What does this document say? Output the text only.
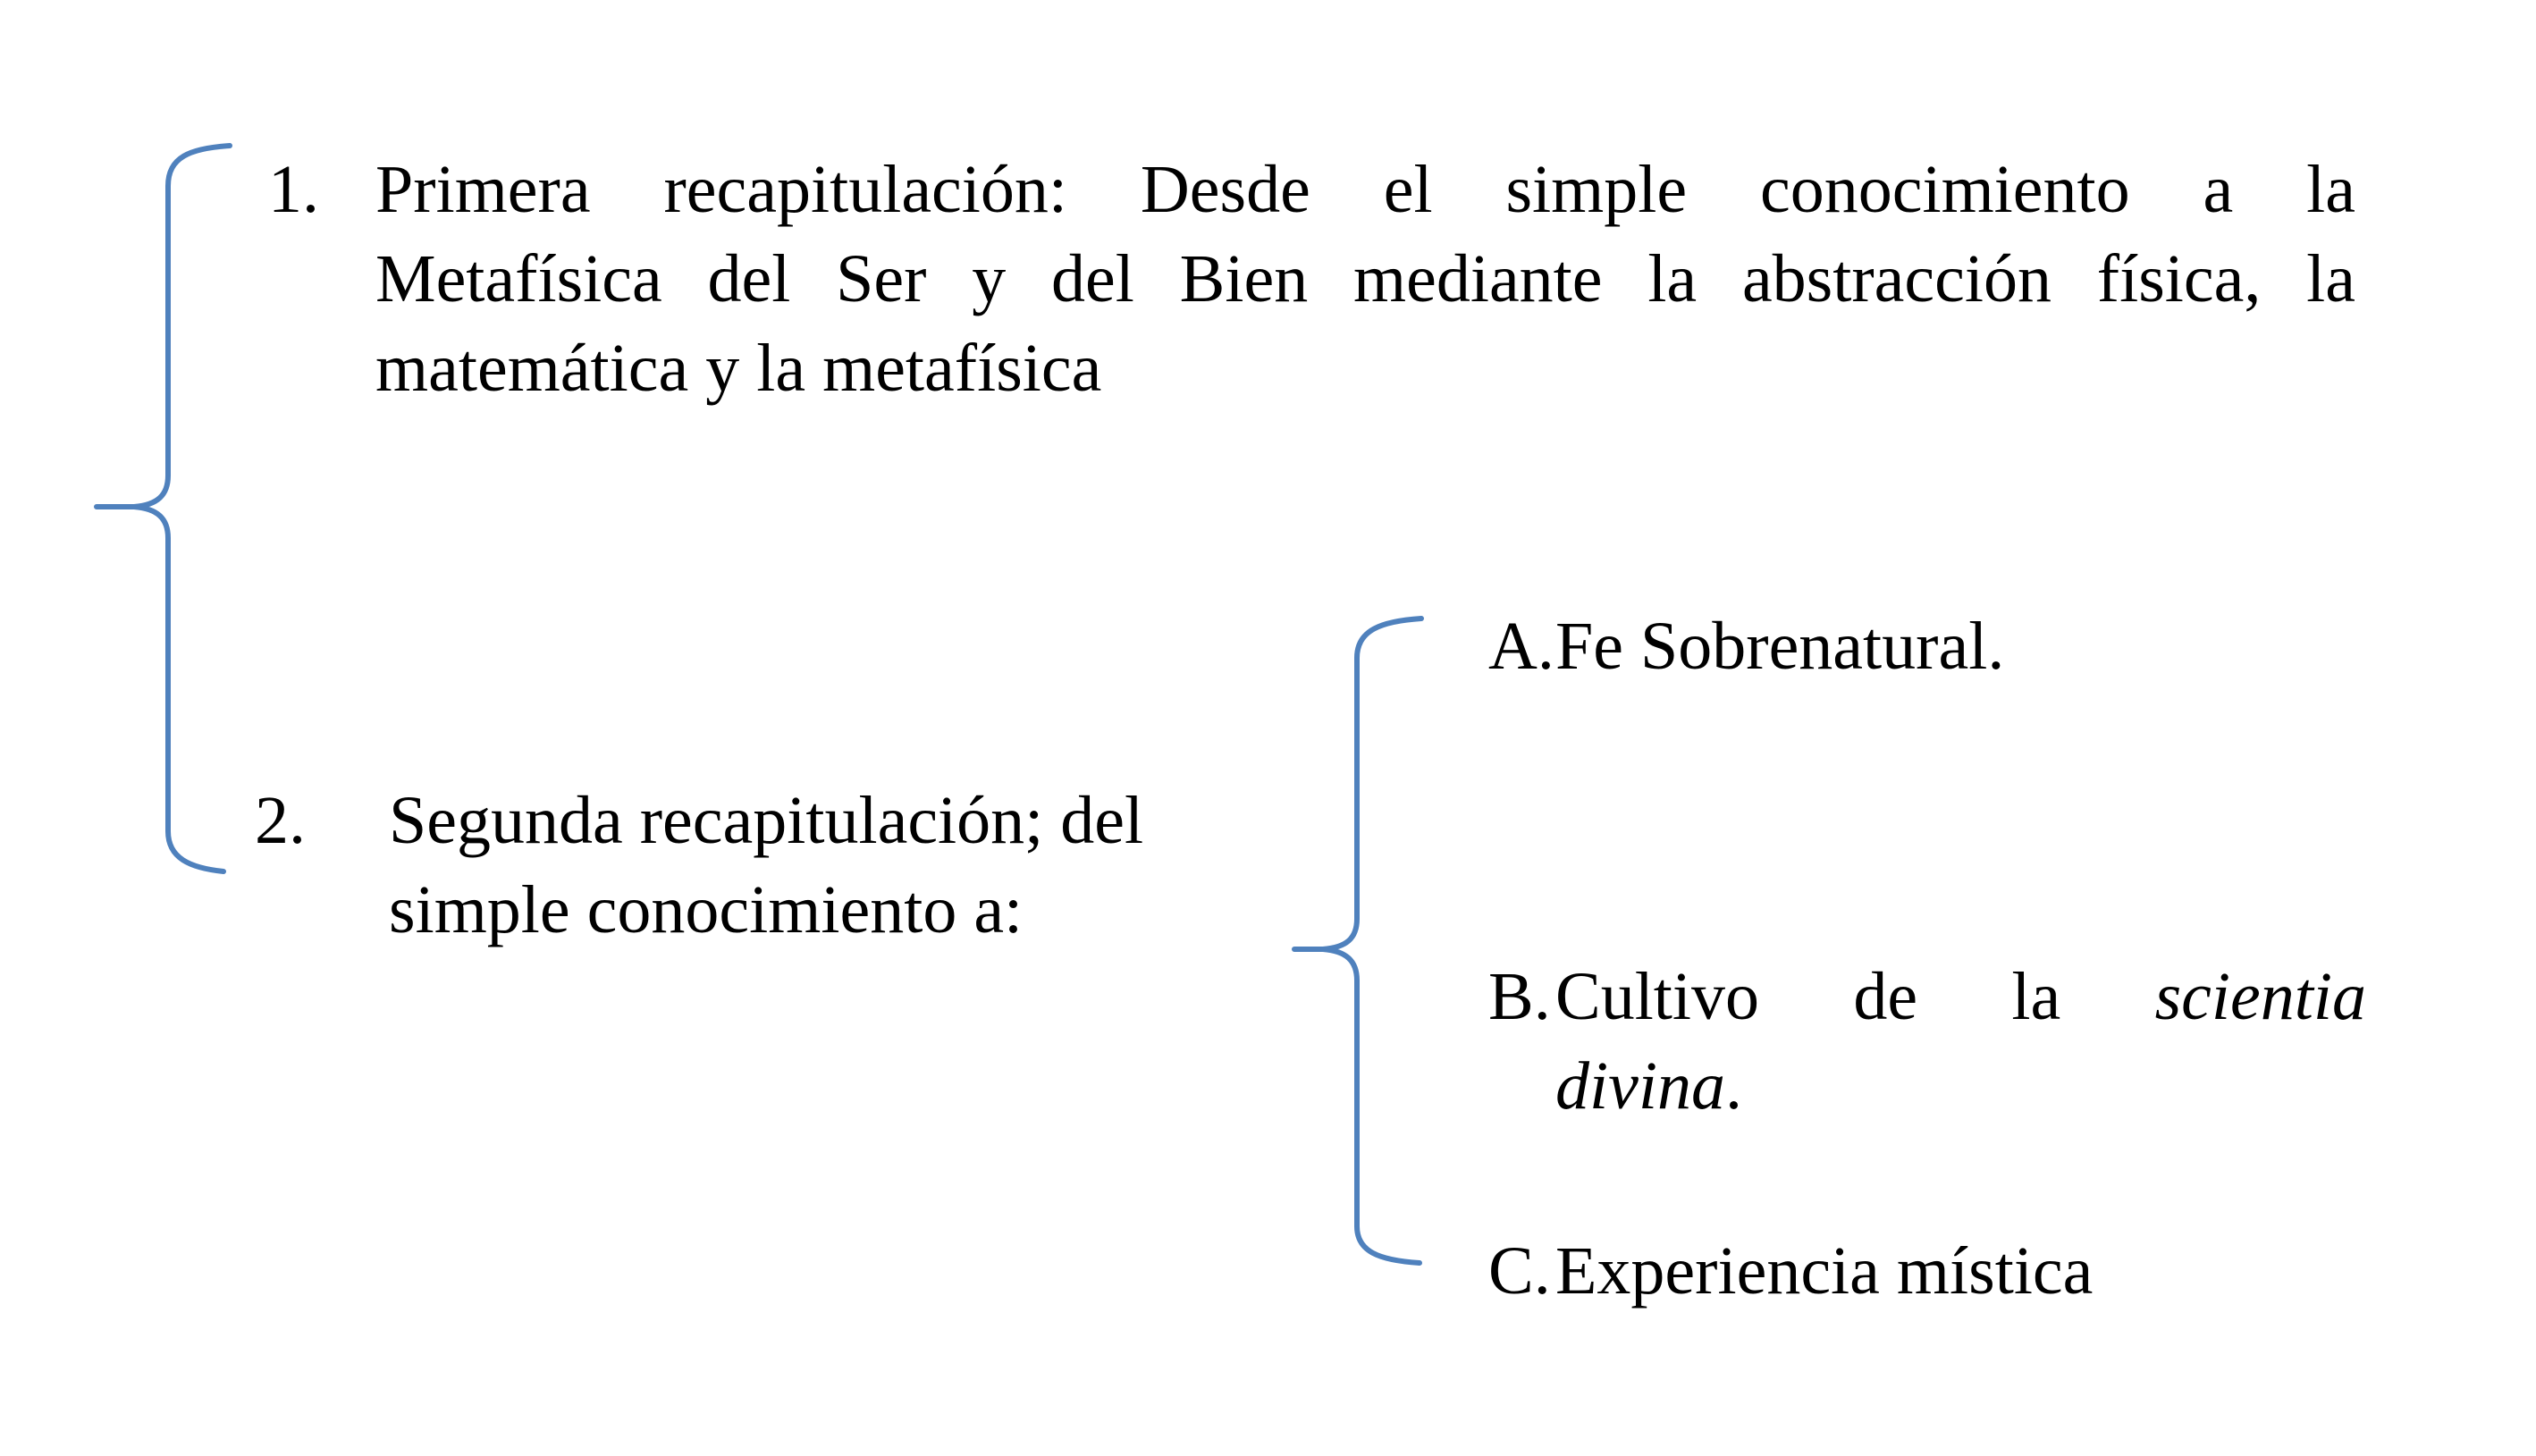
1. Primera recapitulación: Desde el simple conocimiento a la
Metafísica del Ser y del Bien mediante la abstracción física, la
matemática y la metafísica
2. Segunda recapitulación; del
simple conocimiento a:
A. Fe Sobrenatural.
B. Cultivo de la scientia
divina.
C. Experiencia mística
